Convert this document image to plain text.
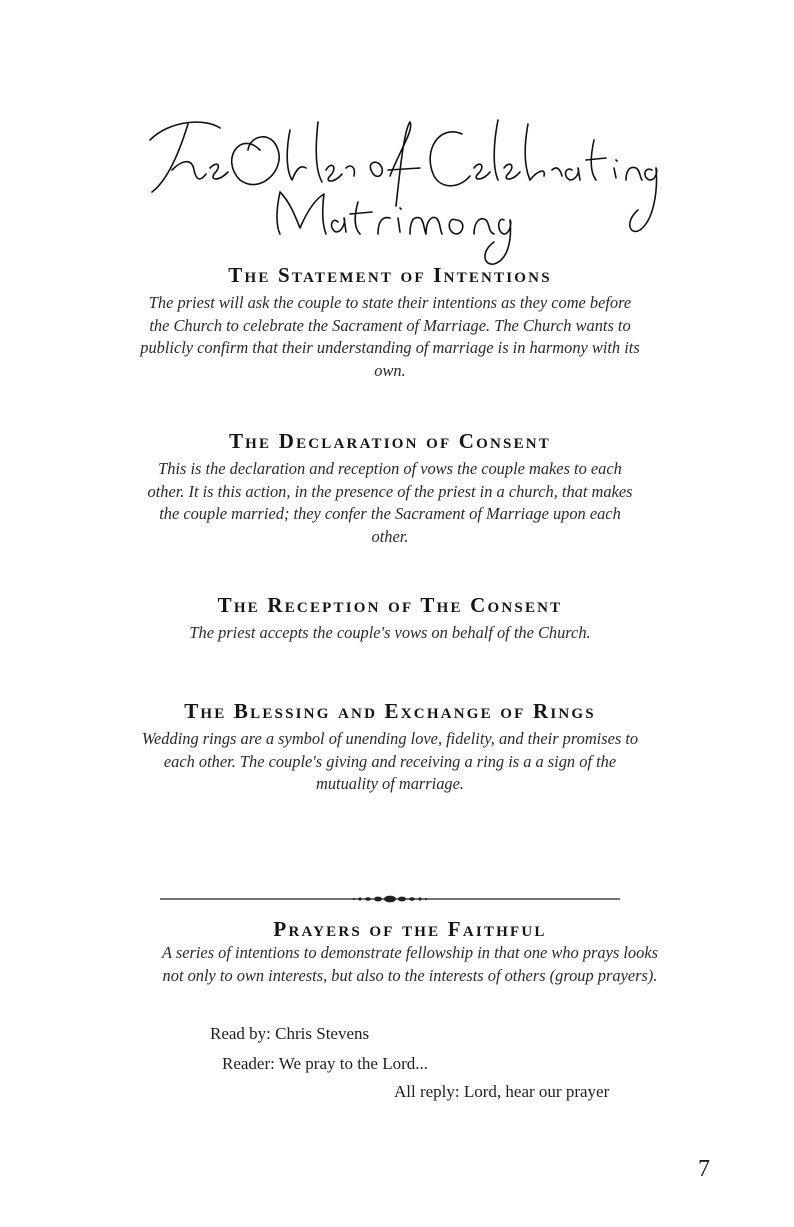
The Statement of Intentions

The priest will ask the couple to state their intentions as they come before the Church to celebrate the Sacrament of Marriage. The Church wants to publicly confirm that their understanding of marriage is in harmony with its own.

The Declaration of Consent

This is the declaration and reception of vows the couple makes to each other. It is this action, in the presence of the priest in a church, that makes the couple married; they confer the Sacrament of Marriage upon each other.

The Reception of The Consent

The priest accepts the couple's vows on behalf of the Church.

The Blessing and Exchange of Rings

Wedding rings are a symbol of unending love, fidelity, and their promises to each other. The couple's giving and receiving a ring is a a sign of the mutuality of marriage.

Prayers of the Faithful

A series of intentions to demonstrate fellowship in that one who prays looks not only to own interests, but also to the interests of others (group prayers).

Read by: Chris Stevens
Reader: We pray to the Lord...
All reply: Lord, hear our prayer
7
